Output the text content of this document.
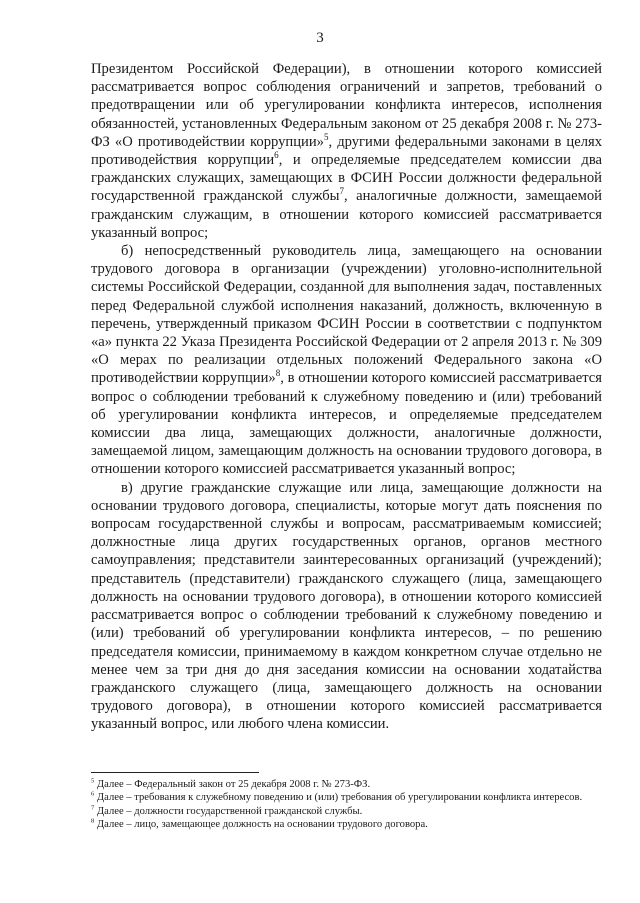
3

Президентом Российской Федерации), в отношении которого комиссией рассматривается вопрос соблюдения ограничений и запретов, требований о предотвращении или об урегулировании конфликта интересов, исполнения обязанностей, установленных Федеральным законом от 25 декабря 2008 г. № 273-ФЗ «О противодействии коррупции»$^5$, другими федеральными законами в целях противодействия коррупции$^6$, и определяемые председателем комиссии два гражданских служащих, замещающих в ФСИН России должности федеральной государственной гражданской службы$^7$, аналогичные должности, замещаемой гражданским служащим, в отношении которого комиссией рассматривается указанный вопрос;

б) непосредственный руководитель лица, замещающего на основании трудового договора в организации (учреждении) уголовно-исполнительной системы Российской Федерации, созданной для выполнения задач, поставленных перед Федеральной службой исполнения наказаний, должность, включенную в перечень, утвержденный приказом ФСИН России в соответствии с подпунктом «а» пункта 22 Указа Президента Российской Федерации от 2 апреля 2013 г. № 309 «О мерах по реализации отдельных положений Федерального закона «О противодействии коррупции»$^8$, в отношении которого комиссией рассматривается вопрос о соблюдении требований к служебному поведению и (или) требований об урегулировании конфликта интересов, и определяемые председателем комиссии два лица, замещающих должности, аналогичные должности, замещаемой лицом, замещающим должность на основании трудового договора, в отношении которого комиссией рассматривается указанный вопрос;

в) другие гражданские служащие или лица, замещающие должности на основании трудового договора, специалисты, которые могут дать пояснения по вопросам государственной службы и вопросам, рассматриваемым комиссией; должностные лица других государственных органов, органов местного самоуправления; представители заинтересованных организаций (учреждений); представитель (представители) гражданского служащего (лица, замещающего должность на основании трудового договора), в отношении которого комиссией рассматривается вопрос о соблюдении требований к служебному поведению и (или) требований об урегулировании конфликта интересов, – по решению председателя комиссии, принимаемому в каждом конкретном случае отдельно не менее чем за три дня до дня заседания комиссии на основании ходатайства гражданского служащего (лица, замещающего должность на основании трудового договора), в отношении которого комиссией рассматривается указанный вопрос, или любого члена комиссии.

$^5$ Далее – Федеральный закон от 25 декабря 2008 г. № 273-ФЗ.

$^6$ Далее – требования к служебному поведению и (или) требования об урегулировании конфликта интересов.

$^7$ Далее – должности государственной гражданской службы.

$^8$ Далее – лицо, замещающее должность на основании трудового договора.
